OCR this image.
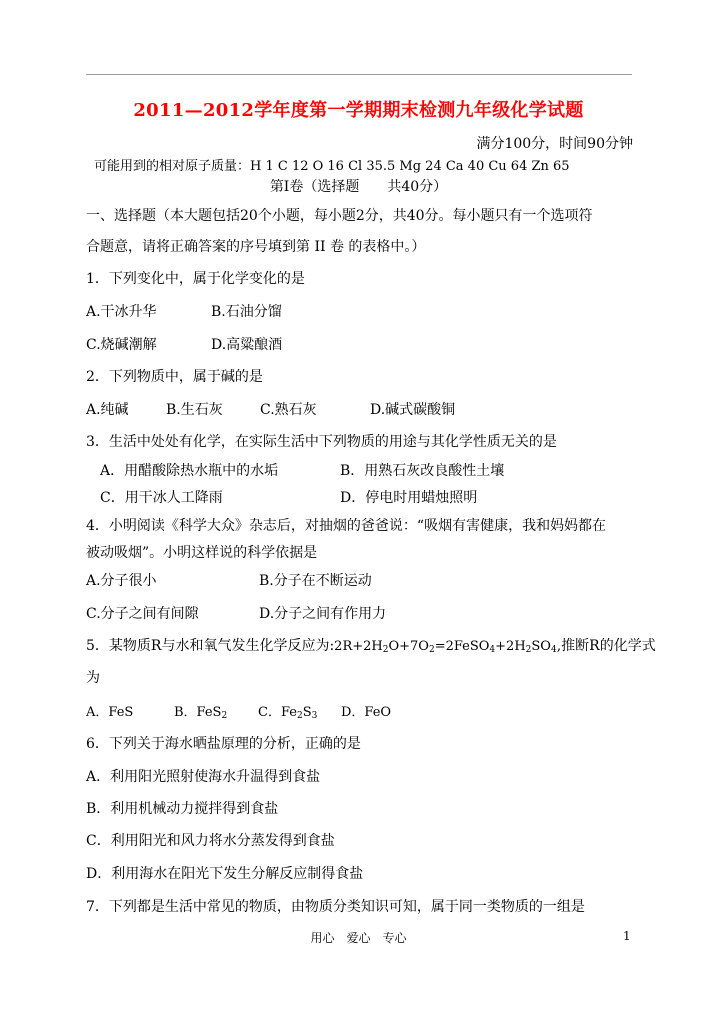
2011—2012学年度第一学期期末检测九年级化学试题
满分100分，时间90分钟
可能用到的相对原子质量：H 1 C 12 O 16 Cl 35.5 Mg 24 Ca 40 Cu 64 Zn 65
第Ⅰ卷（选择题　　共40分）
一、选择题（本大题包括20个小题，每小题2分，共40分。每小题只有一个选项符
合题意，请将正确答案的序号填到第 II 卷 的表格中。）
1．下列变化中，属于化学变化的是
A.干冰升华	B.石油分馏
C.烧碱潮解	D.高粱酿酒
2．下列物质中，属于碱的是
A.纯碱	B.生石灰	C.熟石灰	D.碱式碳酸铜
3．生活中处处有化学，在实际生活中下列物质的用途与其化学性质无关的是
A．用醋酸除热水瓶中的水垢	B．用熟石灰改良酸性土壤
C．用干冰人工降雨	D．停电时用蜡烛照明
4．小明阅读《科学大众》杂志后，对抽烟的爸爸说：“吸烟有害健康，我和妈妈都在
被动吸烟”。小明这样说的科学依据是
A.分子很小	B.分子在不断运动
C.分子之间有间隙	D.分子之间有作用力
5．某物质R与水和氧气发生化学反应为$:2R+2H_2O+7O_2=2FeSO_4+2H_2SO_4$,推断R的化学式
为
A．FeS	B．FeS$_2$ C．$Fe_2S_3$ D．FeO
6．下列关于海水晒盐原理的分析，正确的是
A．利用阳光照射使海水升温得到食盐
B．利用机械动力搅拌得到食盐
C．利用阳光和风力将水分蒸发得到食盐
D．利用海水在阳光下发生分解反应制得食盐
7．下列都是生活中常见的物质，由物质分类知识可知，属于同一类物质的一组是
用心　爱心　专心	1
